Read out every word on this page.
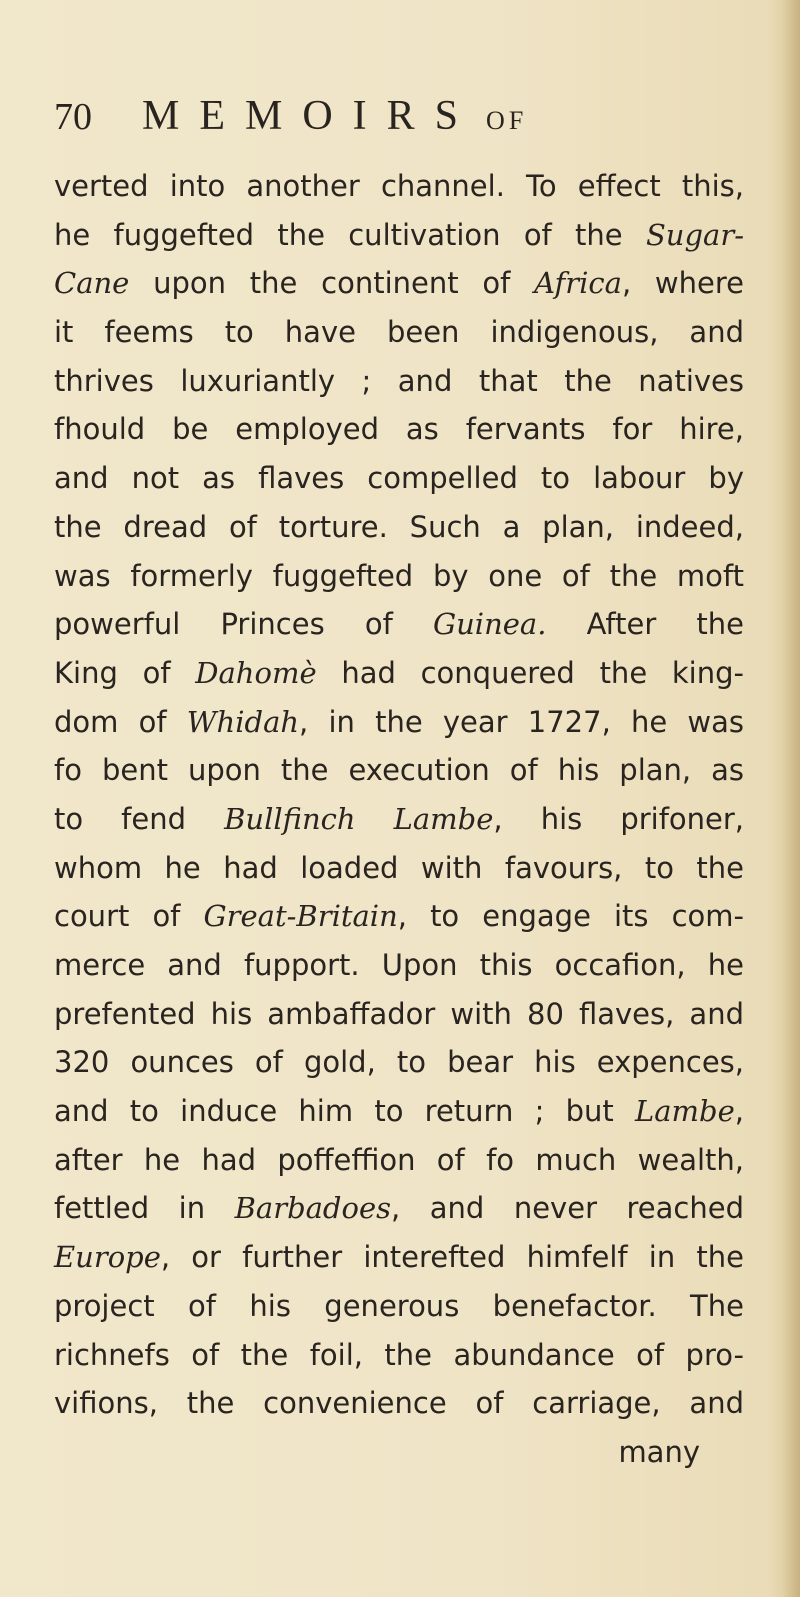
70 MEMOIRS OF
verted into another channel. To effect this,
he fuggefted the cultivation of the Sugar-
Cane upon the continent of Africa, where
it feems to have been indigenous, and
thrives luxuriantly ; and that the natives
fhould be employed as fervants for hire,
and not as flaves compelled to labour by
the dread of torture. Such a plan, indeed,
was formerly fuggefted by one of the moft
powerful Princes of Guinea. After the
King of Dahomè had conquered the king-
dom of Whidah, in the year 1727, he was
fo bent upon the execution of his plan, as
to fend Bullfinch Lambe, his prifoner,
whom he had loaded with favours, to the
court of Great-Britain, to engage its com-
merce and fupport. Upon this occafion, he
prefented his ambaffador with 80 flaves, and
320 ounces of gold, to bear his expences,
and to induce him to return ; but Lambe,
after he had poffeffion of fo much wealth,
fettled in Barbadoes, and never reached
Europe, or further interefted himfelf in the
project of his generous benefactor. The
richnefs of the foil, the abundance of pro-
vifions, the convenience of carriage, and
many
